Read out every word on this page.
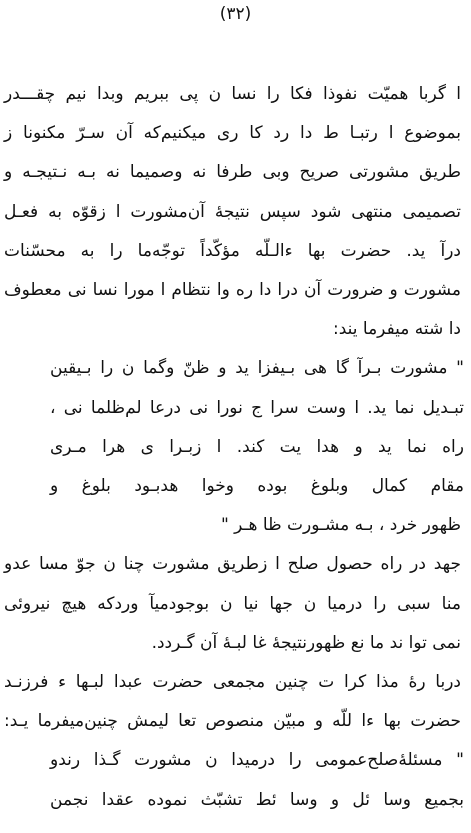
(۳۲)
ا گربا همیّت نفوذا فکا را نسا ن پی ببریم وبدا نیم چقـــدر
بموضوع ا رتبـا ط دا رد کا ری میکنیم‌که آن سـرّ مکنونا ز
طریق مشورتی صریح وبی طرفا نه وصمیما نه بـه نـتیجـه و
تصمیمی منتهی شود سپس نتیجهٔ آن‌مشورت ا زقوّه به فعـل
درآ ید. حضرت بها ءالـلّه مؤکّداً توجّه‌ما را به محسّنات
مشورت و ضرورت آن درا دا ره وا نتظام ا مورا نسا نی معطوف
دا شته میفرما یند:
" مشورت بـرآ گا هی بـیفزا ید و ظنّ وگما ن را بـیقین
تبـدیل نما ید. ا وست سرا ج نورا نی درعا لم‌ظلما نی ،
راه نما ید و هدا یت کند. ا زبـرا ی هرا مـری
مقام کمال وبلوغ بوده وخوا هدبـود بلوغ و
ظهور خرد ، بـه مشـورت ظا هـر "
جهد در راه حصول صلح ا زطریق مشورت چنا ن جوّ مسا عدو
منا سبی را درمیا ن جها نیا ن بوجودمیآ وردکه هیچ نیروئی
نمی توا ند ما نع ظهورنتیجهٔ غا لبـهٔ آن گـردد.
دربا رهٔ مذا کرا ت چنین مجمعی حضرت عبدا لبـها ء فرزنـد
حضرت بها ءا للّه و مبیّن منصوص تعا لیمش چنین‌میفرما یـد:
" مسئلهٔ‌صلح‌عمومی را درمیدا ن مشورت گـذا رندو
بجمیع وسا ئل و وسا ئط تشبّث نموده عقدا نجمن
